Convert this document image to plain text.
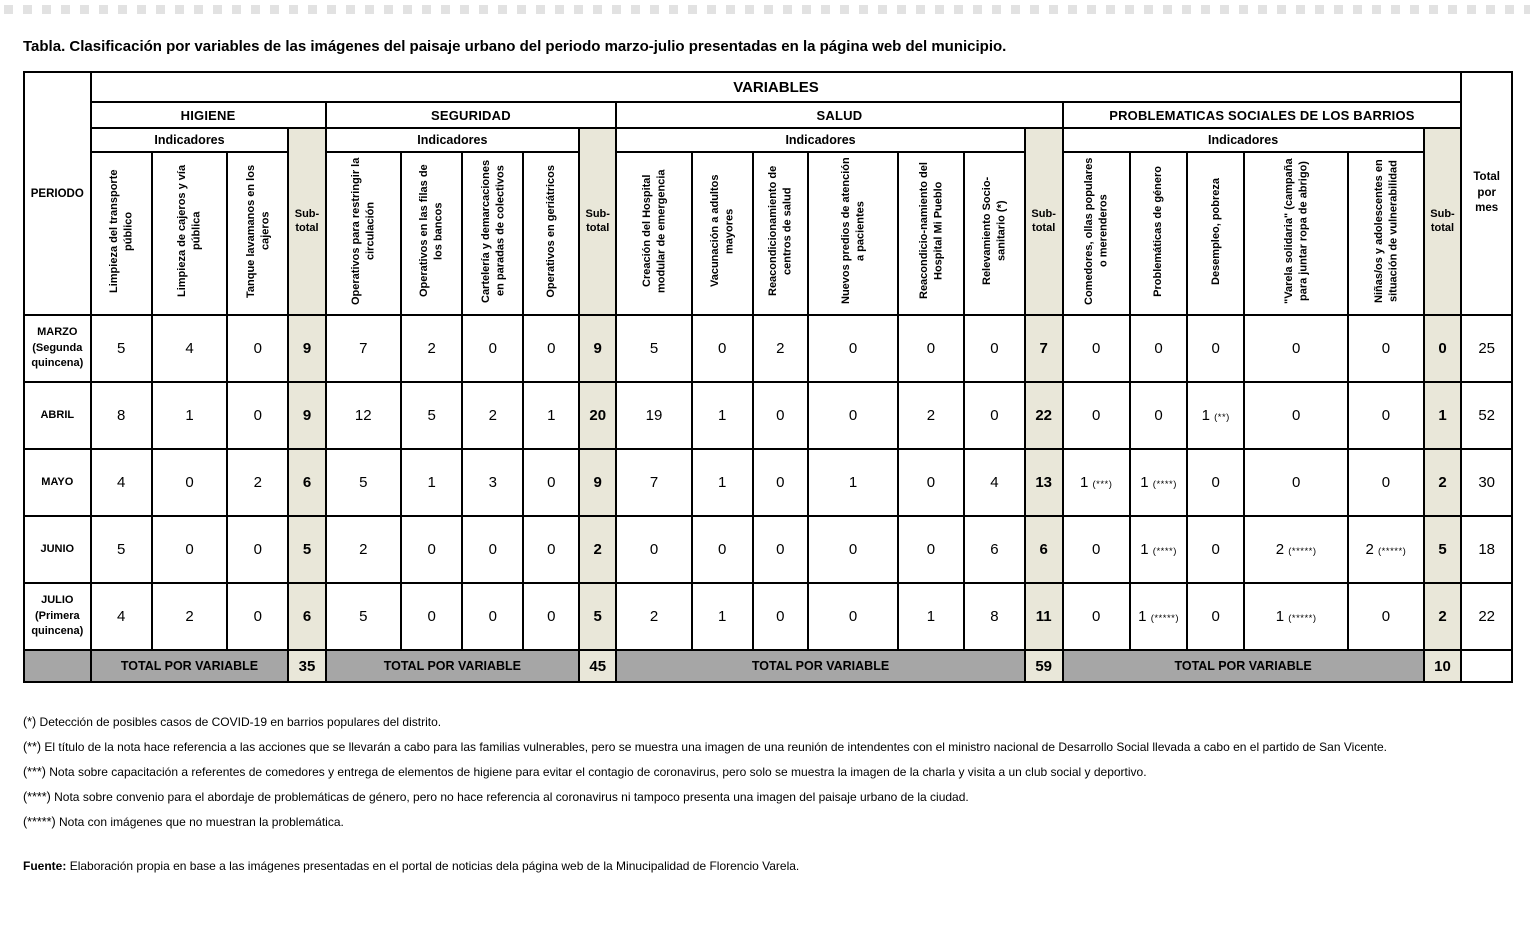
Tabla. Clasificación por variables de las imágenes del paisaje urbano del periodo marzo-julio presentadas en la página web del municipio.
PERIODO	VARIABLES																						Total por mes
	HIGIENE				SEGURIDAD					SALUD							PROBLEMATICAS SOCIALES DE LOS BARRIOS						
	Indicadores			Sub-total	Indicadores				Sub-total	Indicadores						Sub-total	Indicadores					Sub-total	
	Limpieza del transporte público	Limpieza de cajeros y vía pública	Tanque lavamanos en los cajeros		Operativos para restringir la circulación	Operativos en las filas de los bancos	Cartelería y demarcaciones en paradas de colectivos	Operativos en geriátricos		Creación del Hospital modular de emergencia	Vacunación a adultos mayores	Reacondicionamiento de centros de salud	Nuevos predios de atención a pacientes	Reacondicio-namiento del Hospital Mi Pueblo	Relevamiento Socio-sanitario (*)		Comedores, ollas populares o merenderos	Problemáticas de género	Desempleo, pobreza	"Varela solidaria" (campaña para juntar ropa de abrigo)	Niñas/os y adolescentes en situación de vulnerabilidad		
MARZO
(Segunda
quincena)	5	4	0	9	7	2	0	0	9	5	0	2	0	0	0	7	0	0	0	0	0	0	25
ABRIL	8	1	0	9	12	5	2	1	20	19	1	0	0	2	0	22	0	0	1 (**)	0	0	1	52
MAYO	4	0	2	6	5	1	3	0	9	7	1	0	1	0	4	13	1 (***)	1 (****)	0	0	0	2	30
JUNIO	5	0	0	5	2	0	0	0	2	0	0	0	0	0	6	6	0	1 (****)	0	2 (*****)	2 (*****)	5	18
JULIO
(Primera
quincena)	4	2	0	6	5	0	0	0	5	2	1	0	0	1	8	11	0	1 (*****)	0	1 (*****)	0	2	22
	TOTAL POR VARIABLE			35	TOTAL POR VARIABLE				45	TOTAL POR VARIABLE						59	TOTAL POR VARIABLE					10	

(*) Detección de posibles casos de COVID-19 en barrios populares del distrito.

(**) El título de la nota hace referencia a las acciones que se llevarán a cabo para las familias vulnerables, pero se muestra una imagen de una reunión de intendentes con el ministro nacional de Desarrollo Social llevada a cabo en el partido de San Vicente.

(***) Nota sobre capacitación a referentes de comedores y entrega de elementos de higiene para evitar el contagio de coronavirus, pero solo se muestra la imagen de la charla y visita a un club social y deportivo.

(****) Nota sobre convenio para el abordaje de problemáticas de género, pero no hace referencia al coronavirus ni tampoco presenta una imagen del paisaje urbano de la ciudad.

(*****) Nota con imágenes que no muestran la problemática.

Fuente: Elaboración propia en base a las imágenes presentadas en el portal de noticias dela página web de la Minucipalidad de Florencio Varela.
